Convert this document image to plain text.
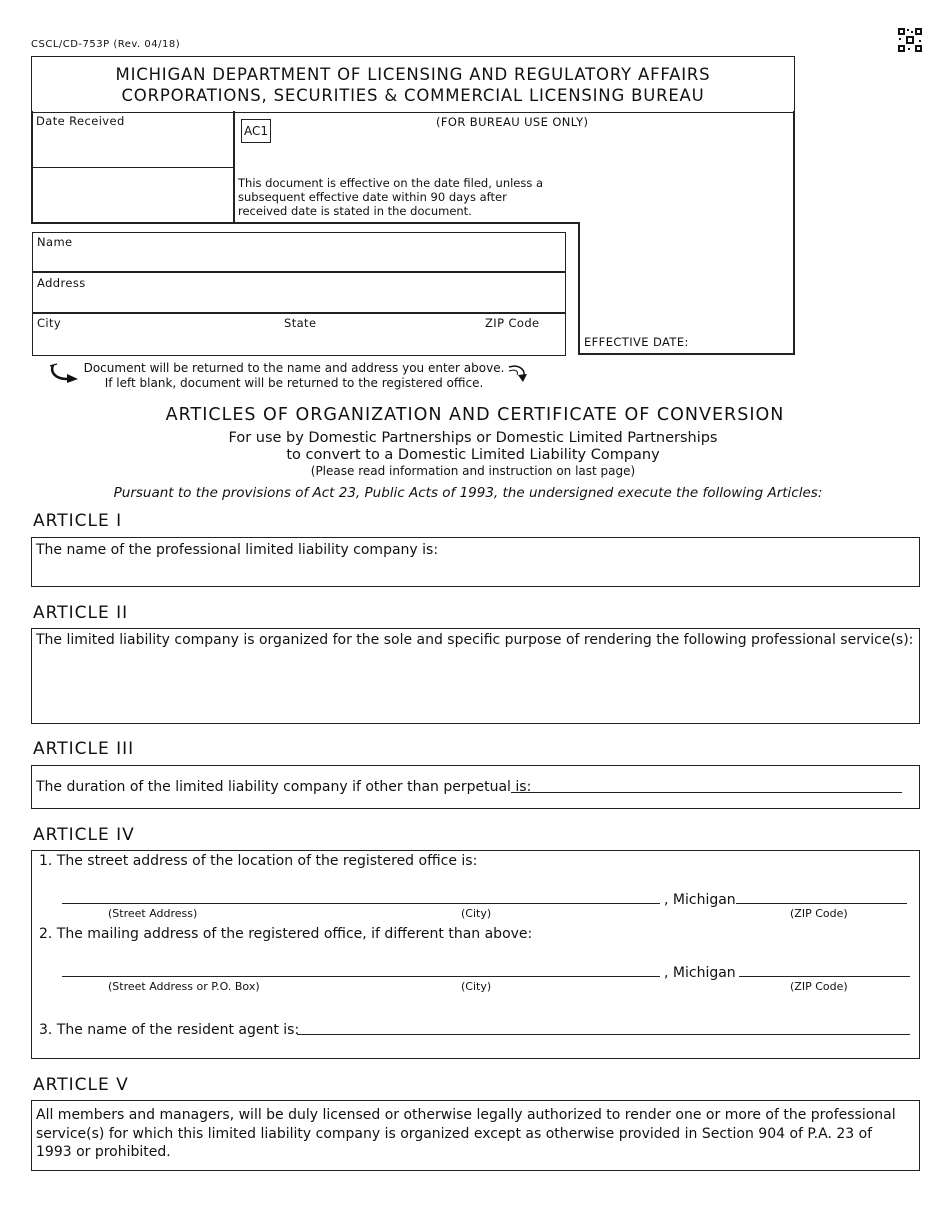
CSCL/CD-753P (Rev. 04/18)
MICHIGAN DEPARTMENT OF LICENSING AND REGULATORY AFFAIRS
CORPORATIONS, SECURITIES & COMMERCIAL LICENSING BUREAU
Date Received	(FOR BUREAU USE ONLY)
AC1
This document is effective on the date filed, unless a subsequent effective date within 90 days after received date is stated in the document.
EFFECTIVE DATE:
Name
Address
City	State	ZIP Code
Document will be returned to the name and address you enter above.
If left blank, document will be returned to the registered office.
ARTICLES OF ORGANIZATION AND CERTIFICATE OF CONVERSION
For use by Domestic Partnerships or Domestic Limited Partnerships
to convert to a Domestic Limited Liability Company
(Please read information and instruction on last page)
Pursuant to the provisions of Act 23, Public Acts of 1993, the undersigned execute the following Articles:
ARTICLE I
The name of the professional limited liability company is:
ARTICLE II
The limited liability company is organized for the sole and specific purpose of rendering the following professional service(s):
ARTICLE III
The duration of the limited liability company if other than perpetual is:
ARTICLE IV
1. The street address of the location of the registered office is:
, Michigan
(Street Address)	(City)	(ZIP Code)
2. The mailing address of the registered office, if different than above:
, Michigan
(Street Address or P.O. Box)	(City)	(ZIP Code)
3. The name of the resident agent is:
ARTICLE V
All members and managers, will be duly licensed or otherwise legally authorized to render one or more of the professional service(s) for which this limited liability company is organized except as otherwise provided in Section 904 of P.A. 23 of 1993 or prohibited.
